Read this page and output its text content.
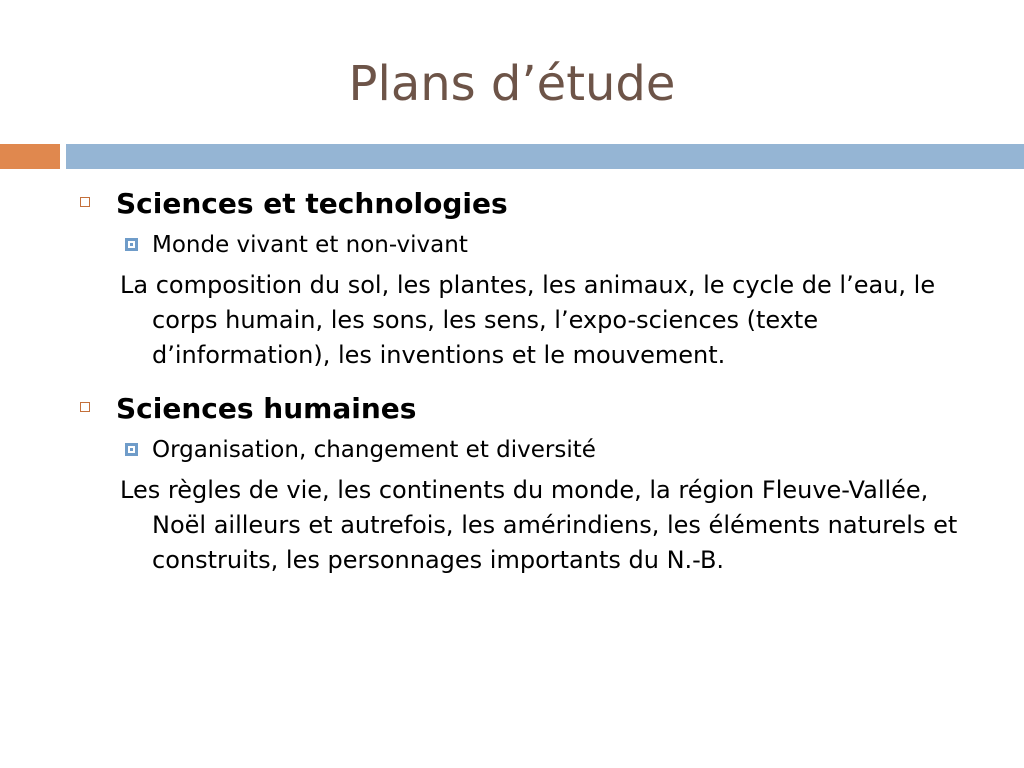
Plans d’étude
Sciences et technologies
Monde vivant et non-vivant
La composition du sol, les plantes, les animaux, le cycle de l’eau, le corps humain, les sons, les sens, l’expo-sciences (texte d’information), les inventions et le mouvement.
Sciences humaines
Organisation, changement et diversité
Les règles de vie, les continents du monde, la région Fleuve-Vallée, Noël ailleurs et autrefois, les amérindiens, les éléments naturels et construits, les personnages importants du N.-B.
